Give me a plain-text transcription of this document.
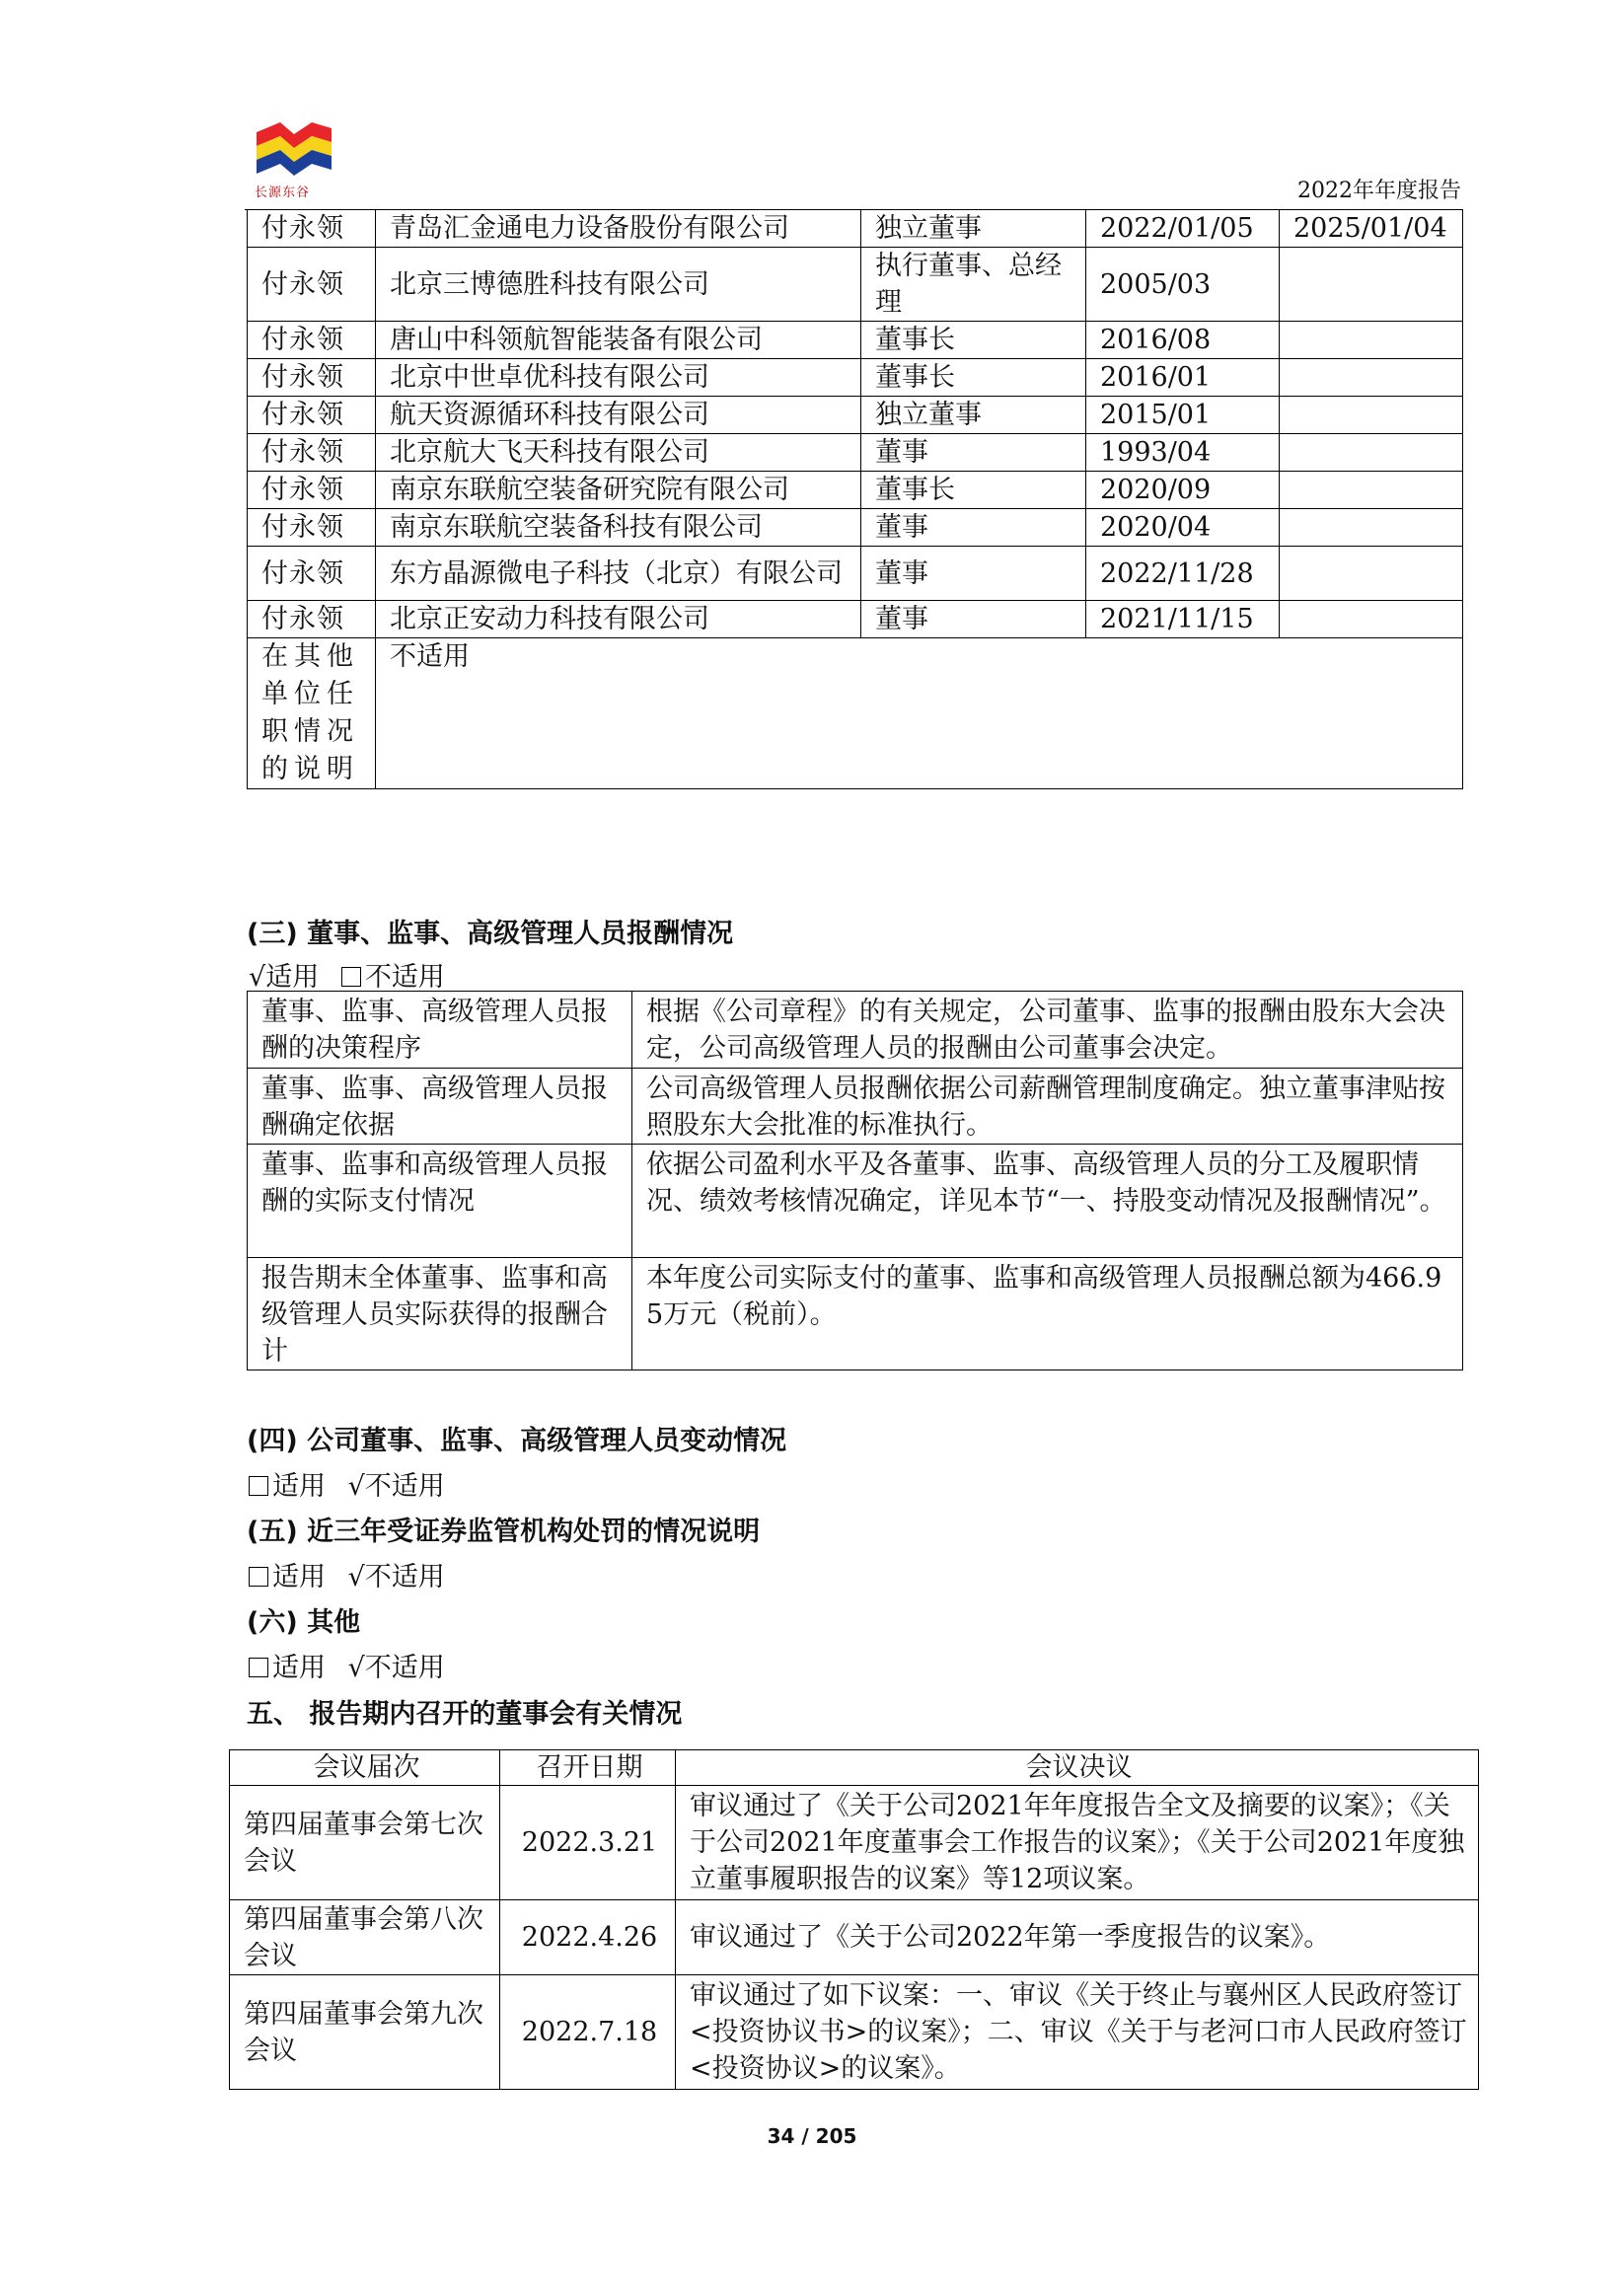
长源东谷	2022年年度报告
付永领	青岛汇金通电力设备股份有限公司	独立董事	2022/01/05	2025/01/04
付永领	北京三博德胜科技有限公司	执行董事、总经理	2005/03	
付永领	唐山中科领航智能装备有限公司	董事长	2016/08	
付永领	北京中世卓优科技有限公司	董事长	2016/01	
付永领	航天资源循环科技有限公司	独立董事	2015/01	
付永领	北京航大飞天科技有限公司	董事	1993/04	
付永领	南京东联航空装备研究院有限公司	董事长	2020/09	
付永领	南京东联航空装备科技有限公司	董事	2020/04	
付永领	东方晶源微电子科技（北京）有限公司	董事	2022/11/28	
付永领	北京正安动力科技有限公司	董事	2021/11/15	
在其他单位任职情况的说明	不适用			
(三) 董事、监事、高级管理人员报酬情况
√适用 不适用
董事、监事、高级管理人员报酬的决策程序	根据《公司章程》的有关规定，公司董事、监事的报酬由股东大会决定，公司高级管理人员的报酬由公司董事会决定。
董事、监事、高级管理人员报酬确定依据	公司高级管理人员报酬依据公司薪酬管理制度确定。独立董事津贴按照股东大会批准的标准执行。
董事、监事和高级管理人员报酬的实际支付情况	依据公司盈利水平及各董事、监事、高级管理人员的分工及履职情况、绩效考核情况确定，详见本节“一、持股变动情况及报酬情况”。
报告期末全体董事、监事和高级管理人员实际获得的报酬合计	本年度公司实际支付的董事、监事和高级管理人员报酬总额为466.95万元（税前）。
(四) 公司董事、监事、高级管理人员变动情况
适用 √不适用
(五) 近三年受证券监管机构处罚的情况说明
适用 √不适用
(六) 其他
适用 √不适用
五、 报告期内召开的董事会有关情况
会议届次	召开日期	会议决议
第四届董事会第七次会议	2022.3.21	审议通过了《关于公司2021年年度报告全文及摘要的议案》；《关于公司2021年度董事会工作报告的议案》；《关于公司2021年度独立董事履职报告的议案》等12项议案。
第四届董事会第八次会议	2022.4.26	审议通过了《关于公司2022年第一季度报告的议案》。
第四届董事会第九次会议	2022.7.18	审议通过了如下议案：一、审议《关于终止与襄州区人民政府签订<投资协议书>的议案》；二、审议《关于与老河口市人民政府签订<投资协议>的议案》。
34 / 205
